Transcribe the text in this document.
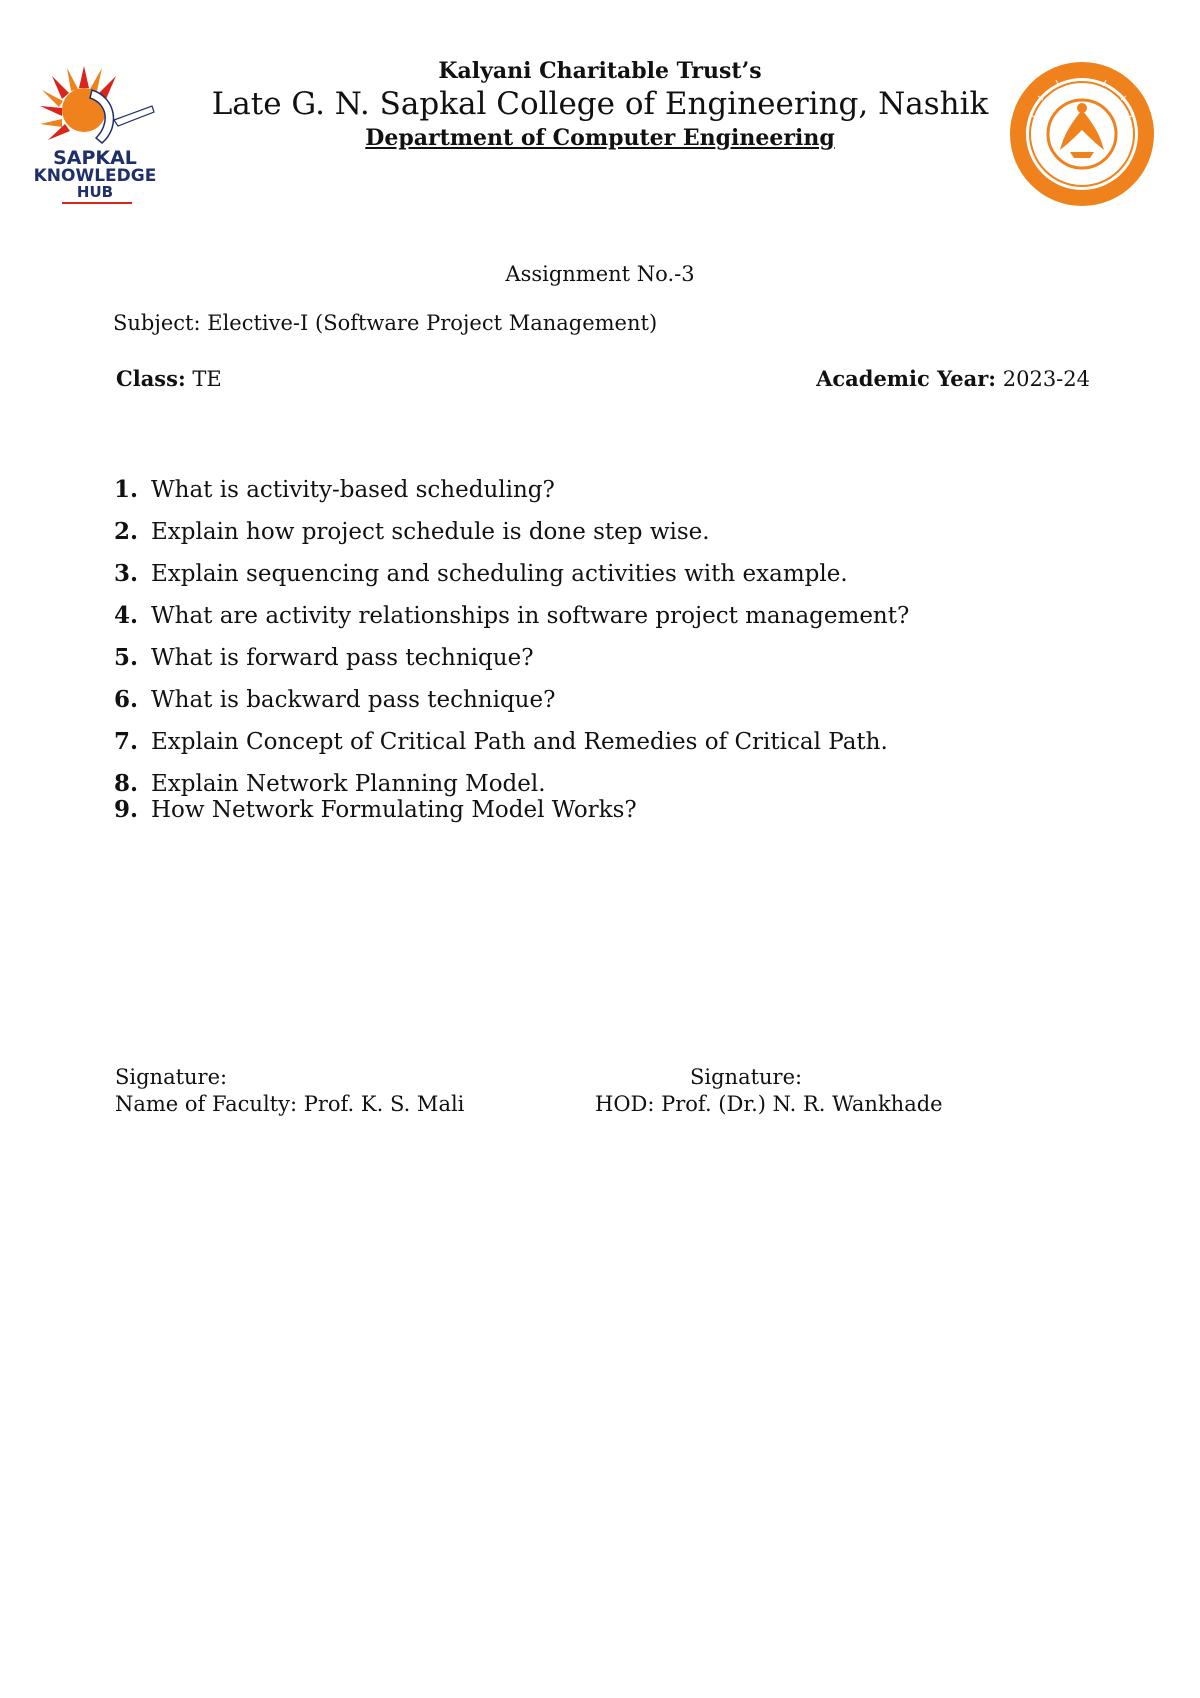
SAPKAL
KNOWLEDGE
HUB
Kalyani Charitable Trust’s
Late G. N. Sapkal College of Engineering, Nashik
Department of Computer Engineering
Assignment No.-3
Subject: Elective-I (Software Project Management)
Class: TE	Academic Year: 2023-24
1. What is activity-based scheduling?
2. Explain how project schedule is done step wise.
3. Explain sequencing and scheduling activities with example.
4. What are activity relationships in software project management?
5. What is forward pass technique?
6. What is backward pass technique?
7. Explain Concept of Critical Path and Remedies of Critical Path.
8. Explain Network Planning Model.
9. How Network Formulating Model Works?
Signature:
Name of Faculty: Prof. K. S. Mali
Signature:
HOD: Prof. (Dr.) N. R. Wankhade
